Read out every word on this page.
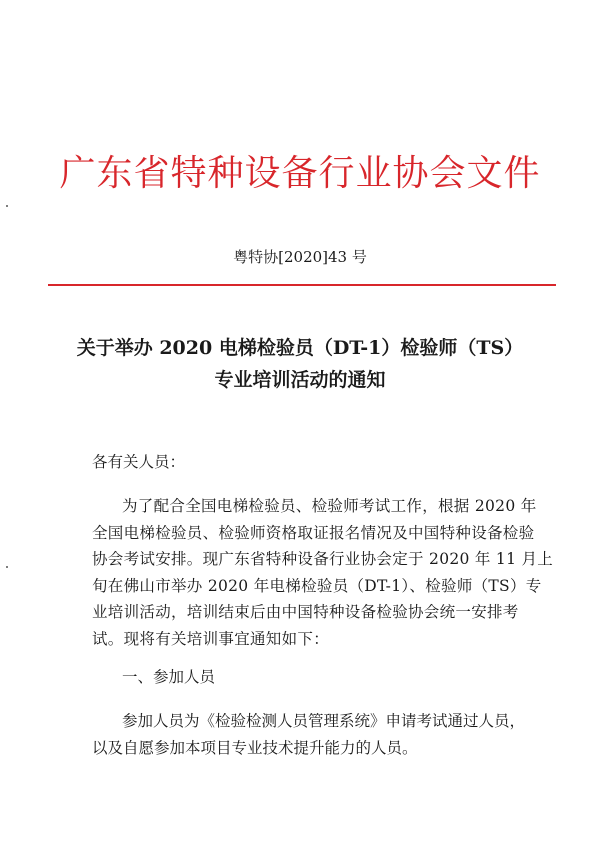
广东省特种设备行业协会文件
粤特协[2020]43 号
关于举办 2020 电梯检验员（DT-1）检验师（TS）
专业培训活动的通知
各有关人员：
为了配合全国电梯检验员、检验师考试工作，根据 2020 年
全国电梯检验员、检验师资格取证报名情况及中国特种设备检验
协会考试安排。现广东省特种设备行业协会定于 2020 年 11 月上
旬在佛山市举办 2020 年电梯检验员（DT-1）、检验师（TS）专
业培训活动，培训结束后由中国特种设备检验协会统一安排考
试。现将有关培训事宜通知如下：
一、参加人员
参加人员为《检验检测人员管理系统》申请考试通过人员，
以及自愿参加本项目专业技术提升能力的人员。
